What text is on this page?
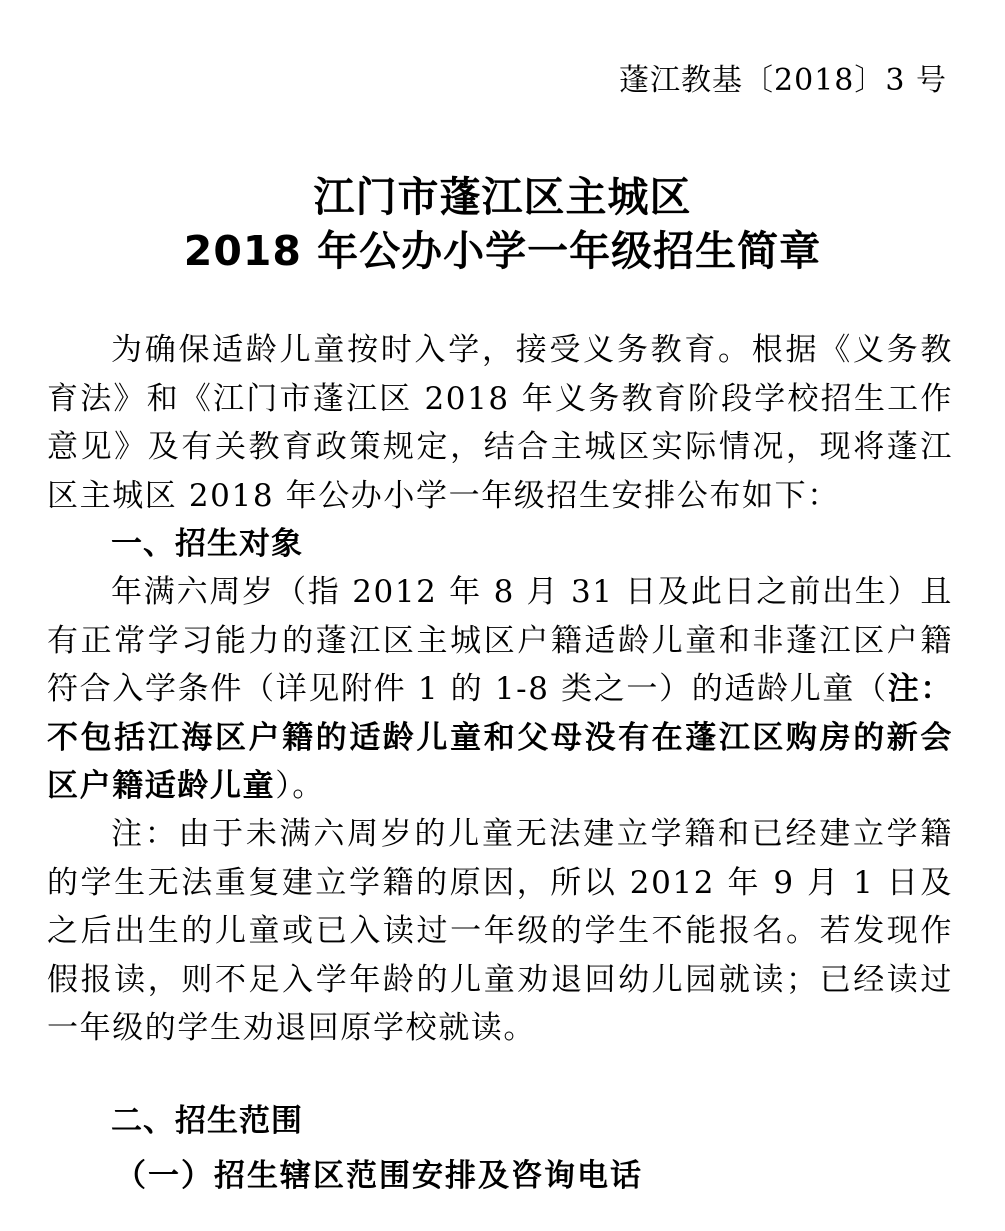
蓬江教基〔2018〕3 号
江门市蓬江区主城区
2018 年公办小学一年级招生简章

为确保适龄儿童按时入学，接受义务教育。根据《义务教育法》和《江门市蓬江区 2018 年义务教育阶段学校招生工作意见》及有关教育政策规定，结合主城区实际情况，现将蓬江区主城区 2018 年公办小学一年级招生安排公布如下：

一、招生对象

年满六周岁（指 2012 年 8 月 31 日及此日之前出生）且有正常学习能力的蓬江区主城区户籍适龄儿童和非蓬江区户籍符合入学条件（详见附件 1 的 1-8 类之一）的适龄儿童（注：不包括江海区户籍的适龄儿童和父母没有在蓬江区购房的新会区户籍适龄儿童）。

注：由于未满六周岁的儿童无法建立学籍和已经建立学籍的学生无法重复建立学籍的原因，所以 2012 年 9 月 1 日及之后出生的儿童或已入读过一年级的学生不能报名。若发现作假报读，则不足入学年龄的儿童劝退回幼儿园就读；已经读过一年级的学生劝退回原学校就读。

二、招生范围
（一）招生辖区范围安排及咨询电话
